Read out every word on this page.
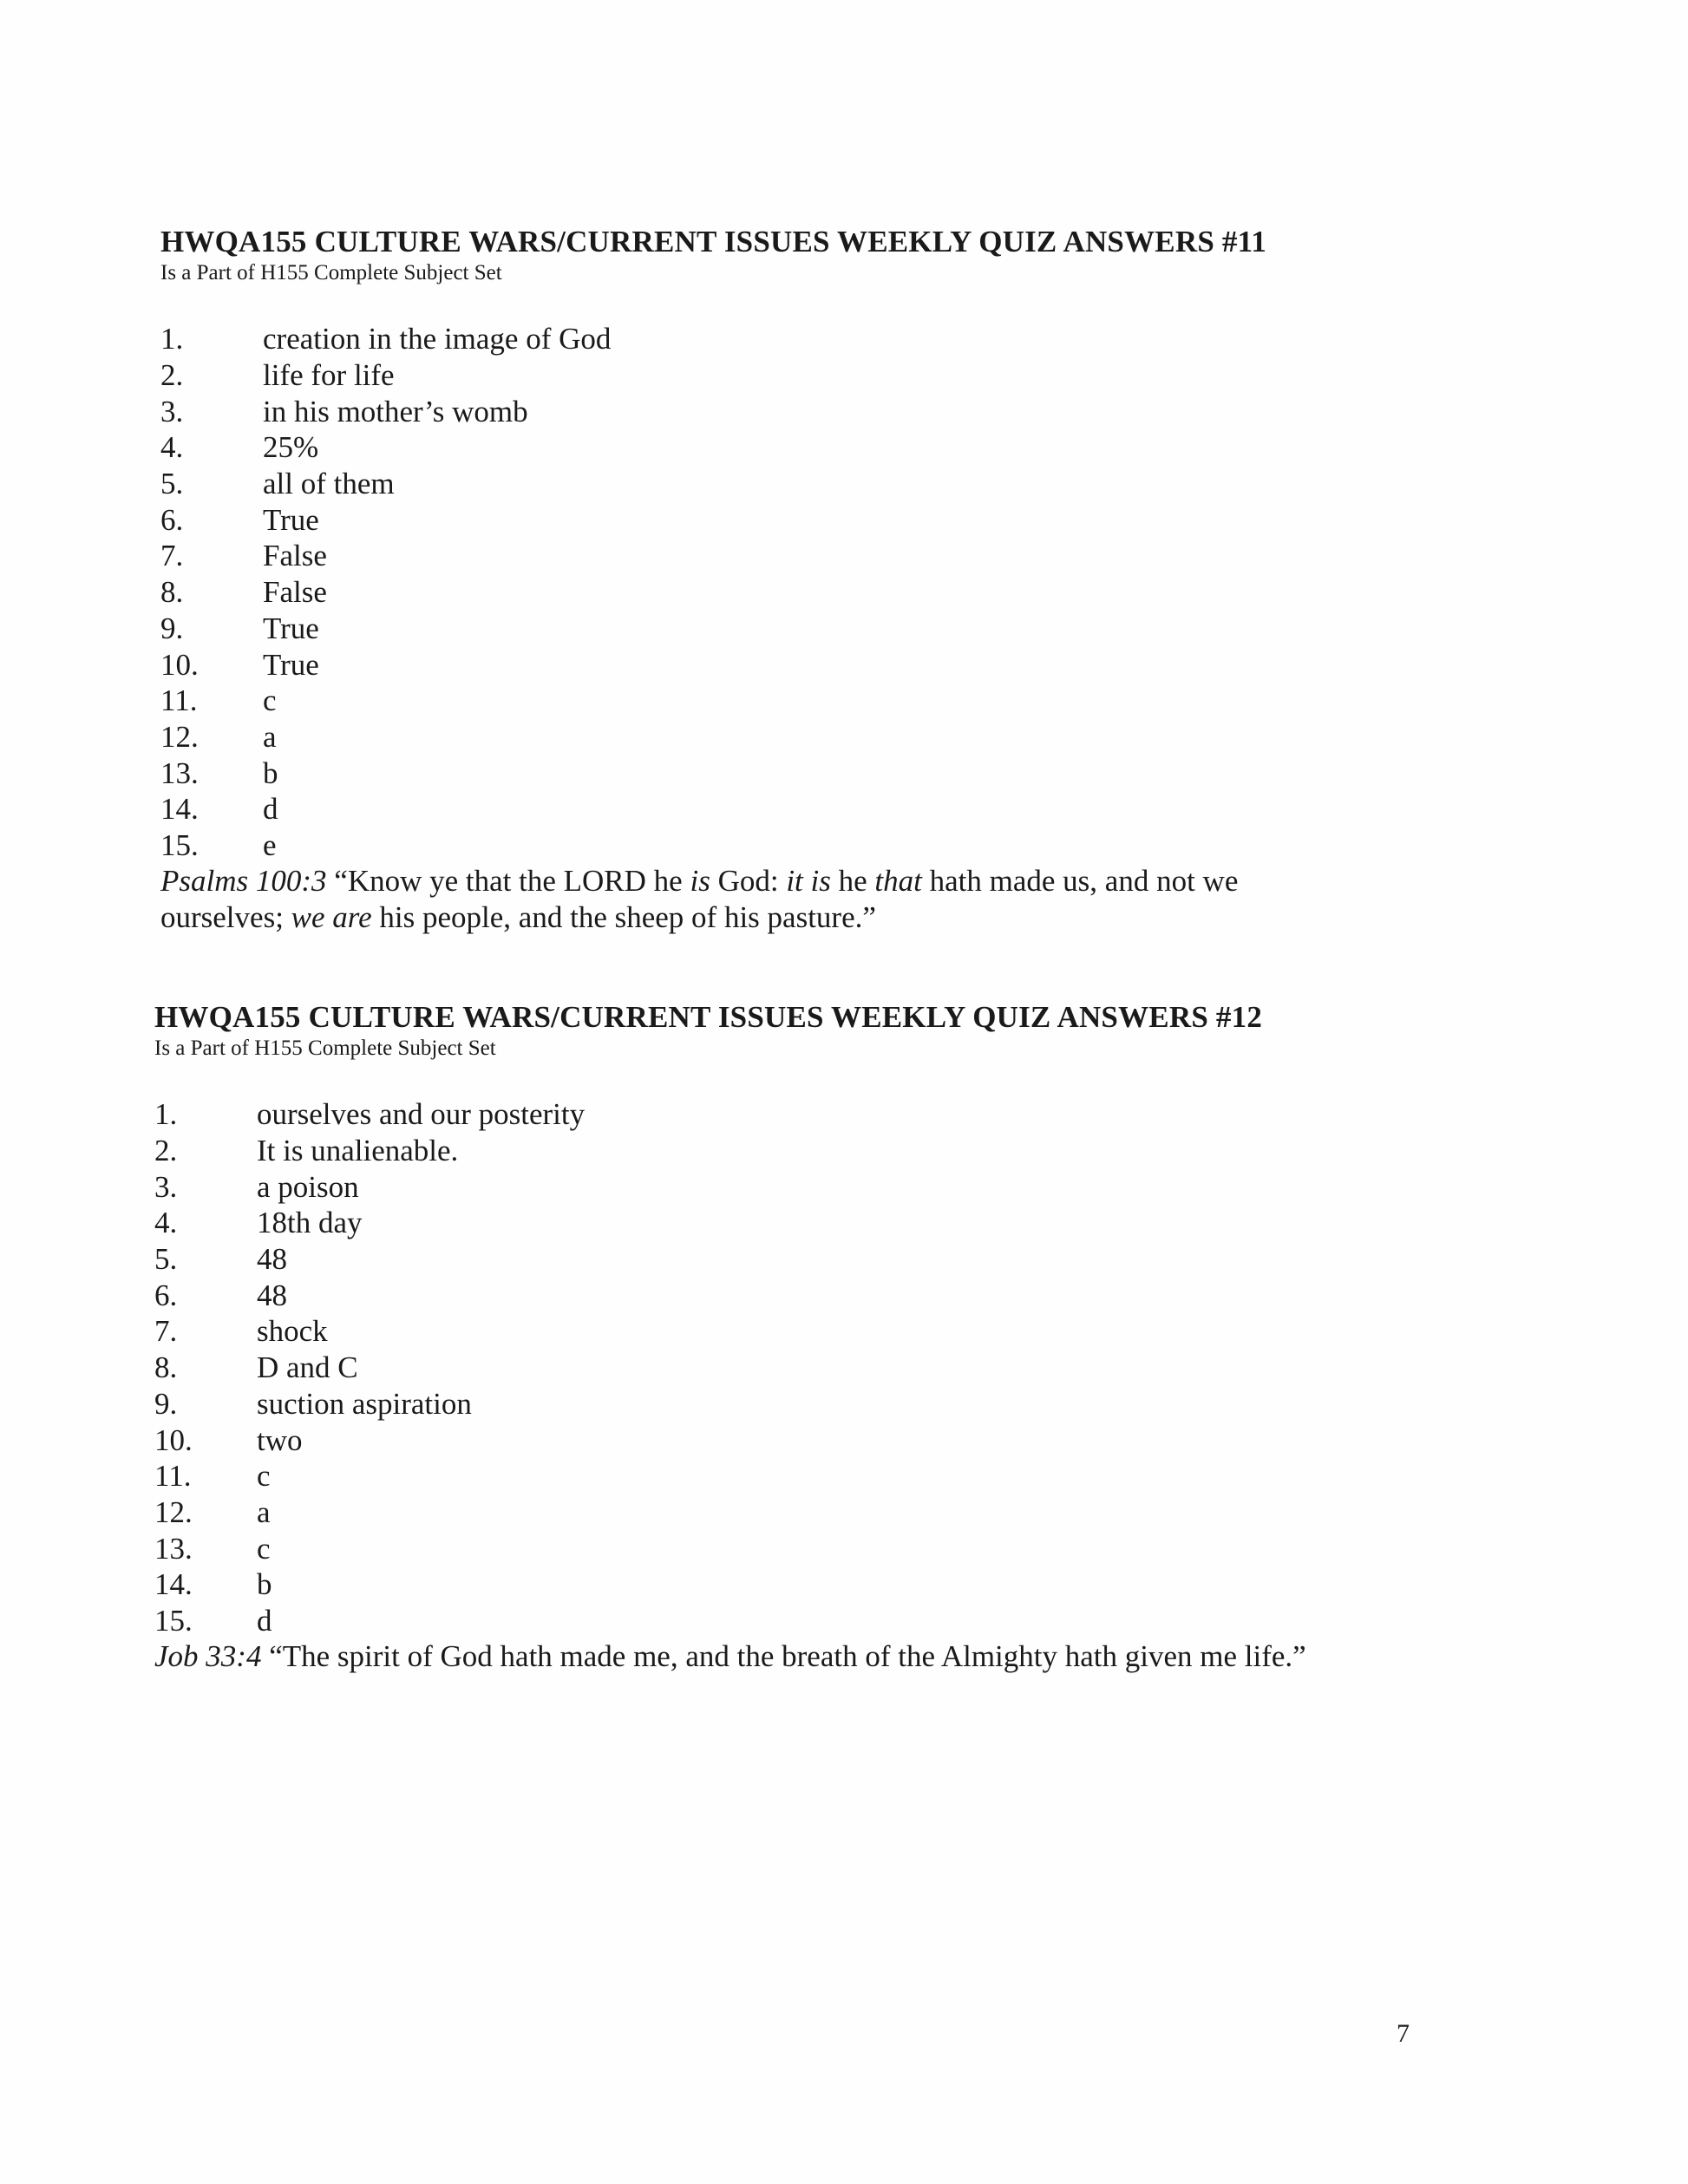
HWQA155 CULTURE WARS/CURRENT ISSUES WEEKLY QUIZ ANSWERS #11
Is a Part of H155 Complete Subject Set
1.	creation in the image of God
2.	life for life
3.	in his mother’s womb
4.	25%
5.	all of them
6.	True
7.	False
8.	False
9.	True
10.	True
11.	c
12.	a
13.	b
14.	d
15.	e
Psalms 100:3 “Know ye that the LORD he is God: it is he that hath made us, and not we ourselves; we are his people, and the sheep of his pasture.”
HWQA155 CULTURE WARS/CURRENT ISSUES WEEKLY QUIZ ANSWERS #12
Is a Part of H155 Complete Subject Set
1.	ourselves and our posterity
2.	It is unalienable.
3.	a poison
4.	18th day
5.	48
6.	48
7.	shock
8.	D and C
9.	suction aspiration
10.	two
11.	c
12.	a
13.	c
14.	b
15.	d
Job 33:4 “The spirit of God hath made me, and the breath of the Almighty hath given me life.”
7
